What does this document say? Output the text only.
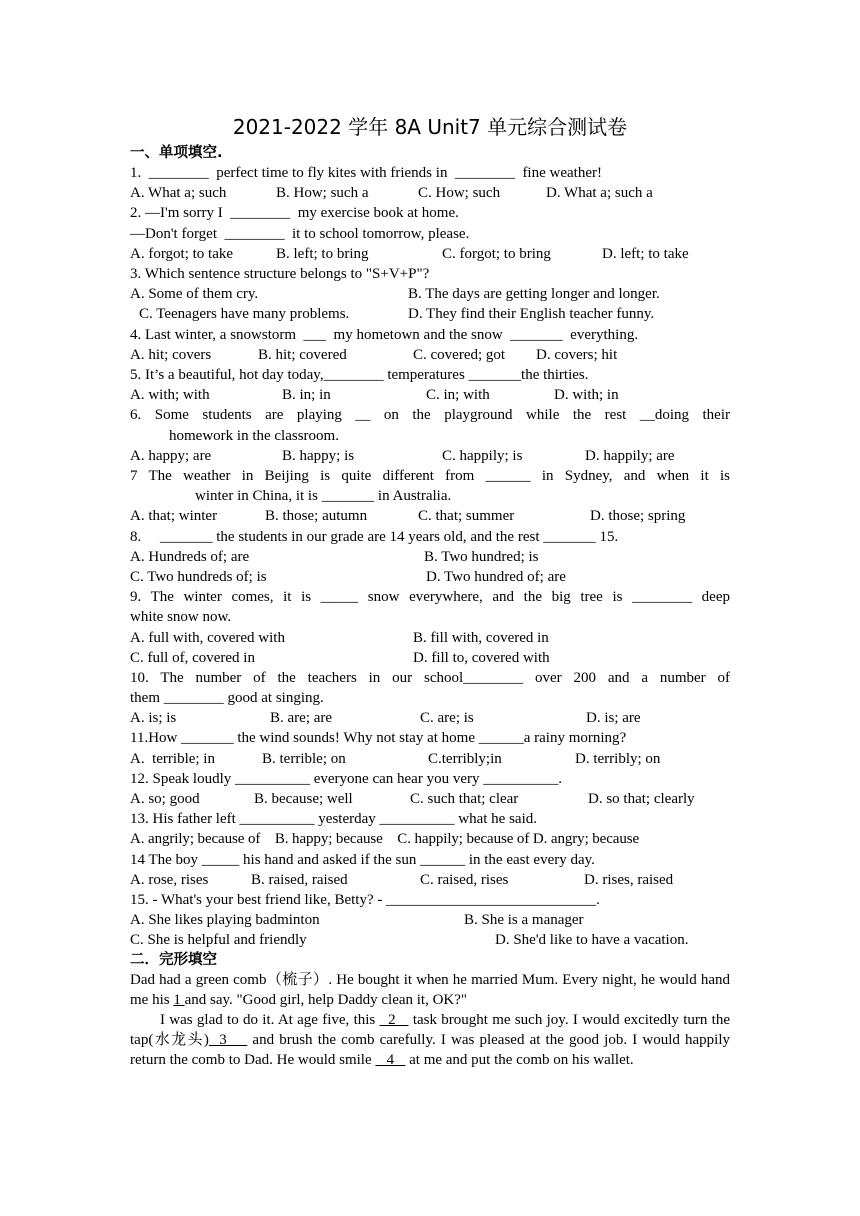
2021-2022 学年 8A Unit7 单元综合测试卷
一、单项填空.
1.  ________  perfect time to fly kites with friends in  ________  fine weather!
A. What a; such	B. How; such a	C. How; such	D. What a; such a
2. —I'm sorry I  ________  my exercise book at home.
—Don't forget  ________  it to school tomorrow, please.
A. forgot; to take	B. left; to bring	C. forgot; to bring	D. left; to take
3. Which sentence structure belongs to "S+V+P"?
A. Some of them cry.	B. The days are getting longer and longer.
C. Teenagers have many problems.	D. They find their English teacher funny.
4. Last winter, a snowstorm  ___  my hometown and the snow  _______  everything.
A. hit; covers	B. hit; covered	C. covered; got D. covers; hit
5. It’s a beautiful, hot day today,________ temperatures _______the thirties.
A. with; with	B. in; in	C. in; with	D. with; in
6. Some students are playing __ on the playground while the rest __doing their
homework in the classroom.
A. happy; are	B. happy; is	C. happily; is	D. happily; are
7 The weather in Beijing is quite different from ______ in Sydney, and when it is
winter in China, it is _______ in Australia.
A. that; winter	B. those; autumn	C. that; summer	D. those; spring
8.     _______ the students in our grade are 14 years old, and the rest _______ 15.
A. Hundreds of; are	B. Two hundred; is
C. Two hundreds of; is	D. Two hundred of; are
9. The winter comes, it is _____ snow everywhere, and the big tree is ________ deep
white snow now.
A. full with, covered with	B. fill with, covered in
C. full of, covered in	D. fill to, covered with
10. The number of the teachers in our school________ over 200 and a number of
them ________ good at singing.
A. is; is	B. are; are	C. are; is	D. is; are
11.How _______ the wind sounds! Why not stay at home ______a rainy morning?
A.  terrible; in	B. terrible; on	C.terribly;in	D. terribly; on
12. Speak loudly __________ everyone can hear you very __________.
A. so; good	B. because; well	C. such that; clear	D. so that; clearly
13. His father left __________ yesterday __________ what he said.
A. angrily; because of    B. happy; because    C. happily; because of D. angry; because
14 The boy _____ his hand and asked if the sun ______ in the east every day.
A. rose, rises	B. raised, raised	C. raised, rises	D. rises, raised
15. - What's your best friend like, Betty? - ____________________________.
A. She likes playing badminton	B. She is a manager
C. She is helpful and friendly	D. She'd like to have a vacation.
二．完形填空
Dad had a green comb（梳子）. He bought it when he married Mum. Every night, he would hand me his 1 and say. "Good girl, help Daddy clean it, OK?"
I was glad to do it. At age five, this   2    task brought me such joy. I would excitedly turn the tap(水龙头)  3     and brush the comb carefully. I was pleased at the good job. I would happily return the comb to Dad. He would smile    4    at me and put the comb on his wallet.
